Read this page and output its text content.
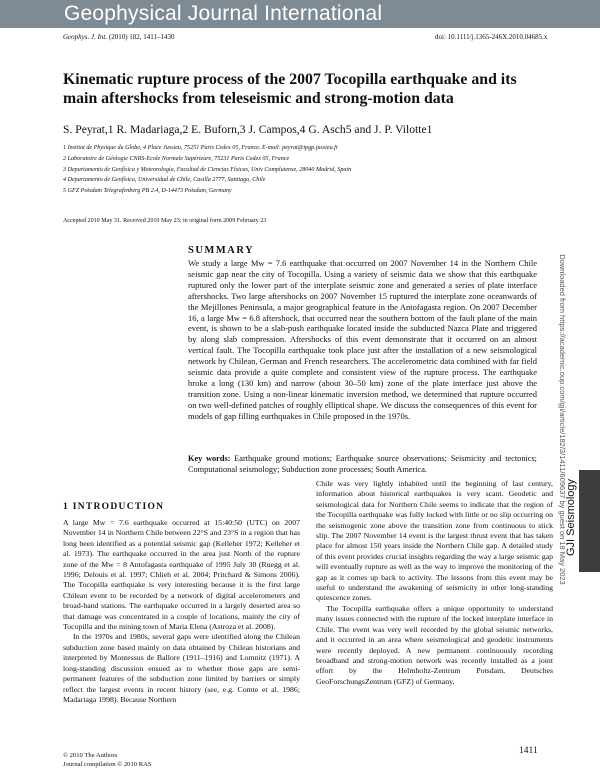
Geophysical Journal International
Geophys. J. Int. (2010) 182, 1411–1430	doi: 10.1111/j.1365-246X.2010.04685.x
Kinematic rupture process of the 2007 Tocopilla earthquake and its main aftershocks from teleseismic and strong-motion data
S. Peyrat,1 R. Madariaga,2 E. Buforn,3 J. Campos,4 G. Asch5 and J. P. Vilotte1
1 Institut de Physique du Globe, 4 Place Jussieu, 75251 Paris Cedex 05, France. E-mail: peyrat@ipgp.jussieu.fr
2 Laboratoire de Géologie CNRS-Ecole Normale Supérieure, 75231 Paris Cedex 05, France
3 Departamento de Geofísica y Meteorología, Facultad de Ciencias Físicas, Univ Complutense, 28040 Madrid, Spain
4 Departamento de Geofísica, Universidad de Chile, Casilla 2777, Santiago, Chile
5 GFZ Potsdam Telegrafenberg PB 2.4, D-14473 Potsdam, Germany
Accepted 2010 May 31. Received 2010 May 23; in original form 2009 February 23
SUMMARY

We study a large Mw = 7.6 earthquake that occurred on 2007 November 14 in the Northern Chile seismic gap near the city of Tocopilla. Using a variety of seismic data we show that this earthquake ruptured only the lower part of the interplate seismic zone and generated a series of plate interface aftershocks. Two large aftershocks on 2007 November 15 ruptured the interplate zone oceanwards of the Mejillones Peninsula, a major geographical feature in the Antofagasta region. On 2007 December 16, a large Mw = 6.8 aftershock, that occurred near the southern bottom of the fault plane of the main event, is shown to be a slab-push earthquake located inside the subducted Nazca Plate and triggered by along slab compression. Aftershocks of this event demonstrate that it occurred on an almost vertical fault. The Tocopilla earthquake took place just after the installation of a new seismological network by Chilean, German and French researchers. The accelerometric data combined with far field seismic data provide a quite complete and consistent view of the rupture process. The earthquake broke a long (130 km) and narrow (about 30–50 km) zone of the plate interface just above the transition zone. Using a non-linear kinematic inversion method, we determined that rupture occurred on two well-defined patches of roughly elliptical shape. We discuss the consequences of this event for models of gap filling earthquakes in Chile proposed in the 1970s.

Key words: Earthquake ground motions; Earthquake source observations; Seismicity and tectonics; Computational seismology; Subduction zone processes; South America.

1 INTRODUCTION

A large Mw = 7.6 earthquake occurred at 15:40:50 (UTC) on 2007 November 14 in Northern Chile between 22°S and 23°S in a region that has long been identified as a potential seismic gap (Kelleher 1972; Kelleher et al. 1973). The earthquake occurred in the area just North of the rupture zone of the Mw = 8 Antofagasta earthquake of 1995 July 30 (Ruegg et al. 1996; Delouis et al. 1997; Chlieh et al. 2004; Pritchard & Simons 2006). The Tocopilla earthquake is very interesting because it is the first large Chilean event to be recorded by a network of digital accelerometers and broad-band stations. The earthquake occurred in a largely deserted area so that damage was concentrated in a couple of locations, mainly the city of Tocopilla and the mining town of Maria Elena (Astroza et al. 2008).

In the 1970s and 1980s, several gaps were identified along the Chilean subduction zone based mainly on data obtained by Chilean historians and interpreted by Montessus de Ballore (1911–1916) and Lomnitz (1971). A long-standing discussion ensued as to whether those gaps are semi-permanent features of the subduction zone limited by barriers or simply reflect the largest events in recent history (see, e.g. Comte et al. 1986; Madariaga 1998). Because Northern

Chile was very lightly inhabited until the beginning of last century, information about historical earthquakes is very scant. Geodetic and seismological data for Northern Chile seems to indicate that the region of the Tocopilla earthquake was fully locked with little or no slip occurring on the seismogenic zone above the transition zone from continuous to stick slip. The 2007 November 14 event is the largest thrust event that has taken place for almost 150 years inside the Northern Chile gap. A detailed study of this event provides crucial insights regarding the way a large seismic gap will eventually rupture as well as the way to improve the monitoring of the gap as it comes up back to activity. The lessons from this event may be useful to understand the awakening of seismicity in other long-standing quiescence zones.

The Tocopilla earthquake offers a unique opportunity to understand many issues connected with the rupture of the locked interplate interface in Chile. The event was very well recorded by the global seismic networks, and it occurred in an area where seismological and geodetic instruments were recently deployed. A new permanent continuously recording broadband and strong-motion network was recently installed as a joint effort by the Helmholtz-Zentrum Potsdam, Deutsches GeoForschungsZentrum (GFZ) of Germany,

© 2010 The Authors
Journal compilation © 2010 RAS
1411
Downloaded from https://academic.oup.com/gji/article/182/3/1411/609637 by guest on 18 May 2023
GJI Seismology
